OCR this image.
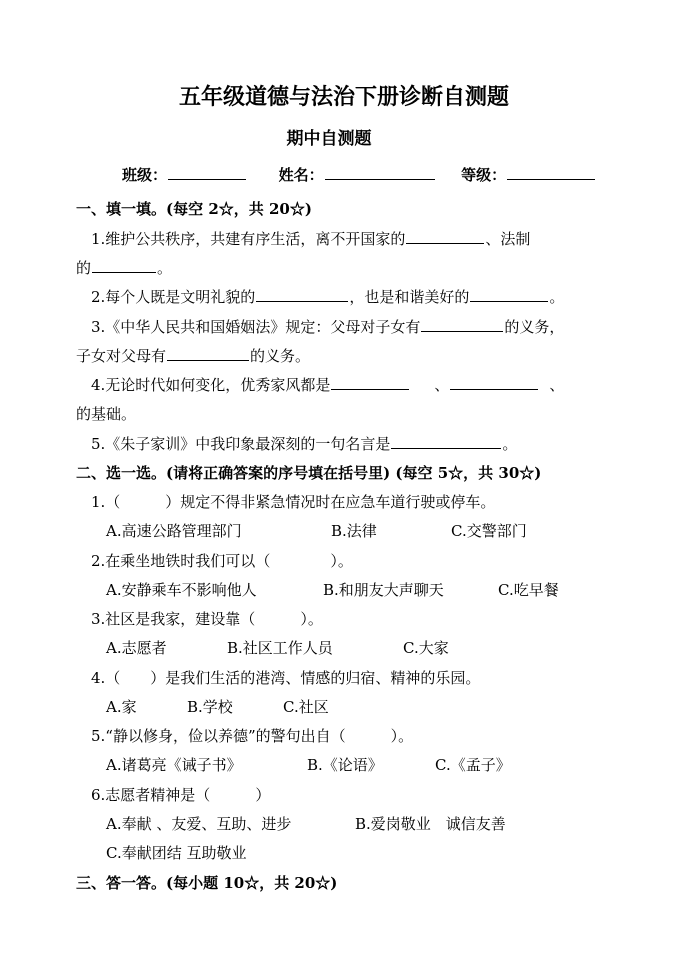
五年级道德与法治下册诊断自测题
期中自测题
班级：	姓名：	等级：
一、填一填。(每空 2☆，共 20☆)
1.维护公共秩序，共建有序生活，离不开国家的	、法制
的	。
2.每个人既是文明礼貌的	，也是和谐美好的	。
3.《中华人民共和国婚姻法》规定：父母对子女有	的义务，
子女对父母有	的义务。
4.无论时代如何变化，优秀家风都是	、	、
的基础。
5.《朱子家训》中我印象最深刻的一句名言是	。
二、选一选。(请将正确答案的序号填在括号里) (每空 5☆，共 30☆)
1.（　　　）规定不得非紧急情况时在应急车道行驶或停车。
A.高速公路管理部门	B.法律	C.交警部门
2.在乘坐地铁时我们可以（　　　　）。
A.安静乘车不影响他人	B.和朋友大声聊天	C.吃早餐
3.社区是我家，建设靠（　　　）。
A.志愿者	B.社区工作人员	C.大家
4.（　　）是我们生活的港湾、情感的归宿、精神的乐园。
A.家	B.学校	C.社区
5.“静以修身，俭以养德”的警句出自（　　　）。
A.诸葛亮《诫子书》	B.《论语》	C.《孟子》
6.志愿者精神是（　　　）
A.奉献 、友爱、互助、进步	B.爱岗敬业　诚信友善
C.奉献团结 互助敬业
三、答一答。(每小题 10☆，共 20☆)
